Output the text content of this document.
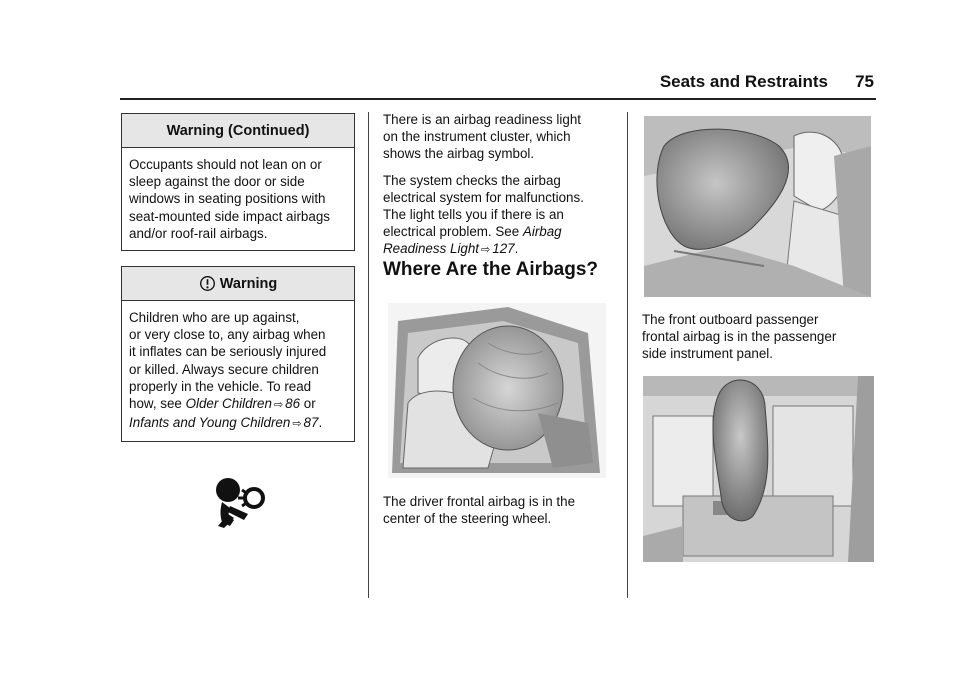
Seats and Restraints 75
Warning (Continued)

Occupants should not lean on or

sleep against the door or side

windows in seating positions with

seat-mounted side impact airbags

and/or roof-rail airbags.

Warning

Children who are up against,

or very close to, any airbag when

it inflates can be seriously injured

or killed. Always secure children

properly in the vehicle. To read

how, see Older Children ⇨ 86 or

Infants and Young Children ⇨ 87.

There is an airbag readiness light
on the instrument cluster, which
shows the airbag symbol.

The system checks the airbag
electrical system for malfunctions.
The light tells you if there is an
electrical problem. See Airbag
Readiness Light ⇨ 127.

Where Are the Airbags?
The driver frontal airbag is in the
center of the steering wheel.
The front outboard passenger
frontal airbag is in the passenger
side instrument panel.
